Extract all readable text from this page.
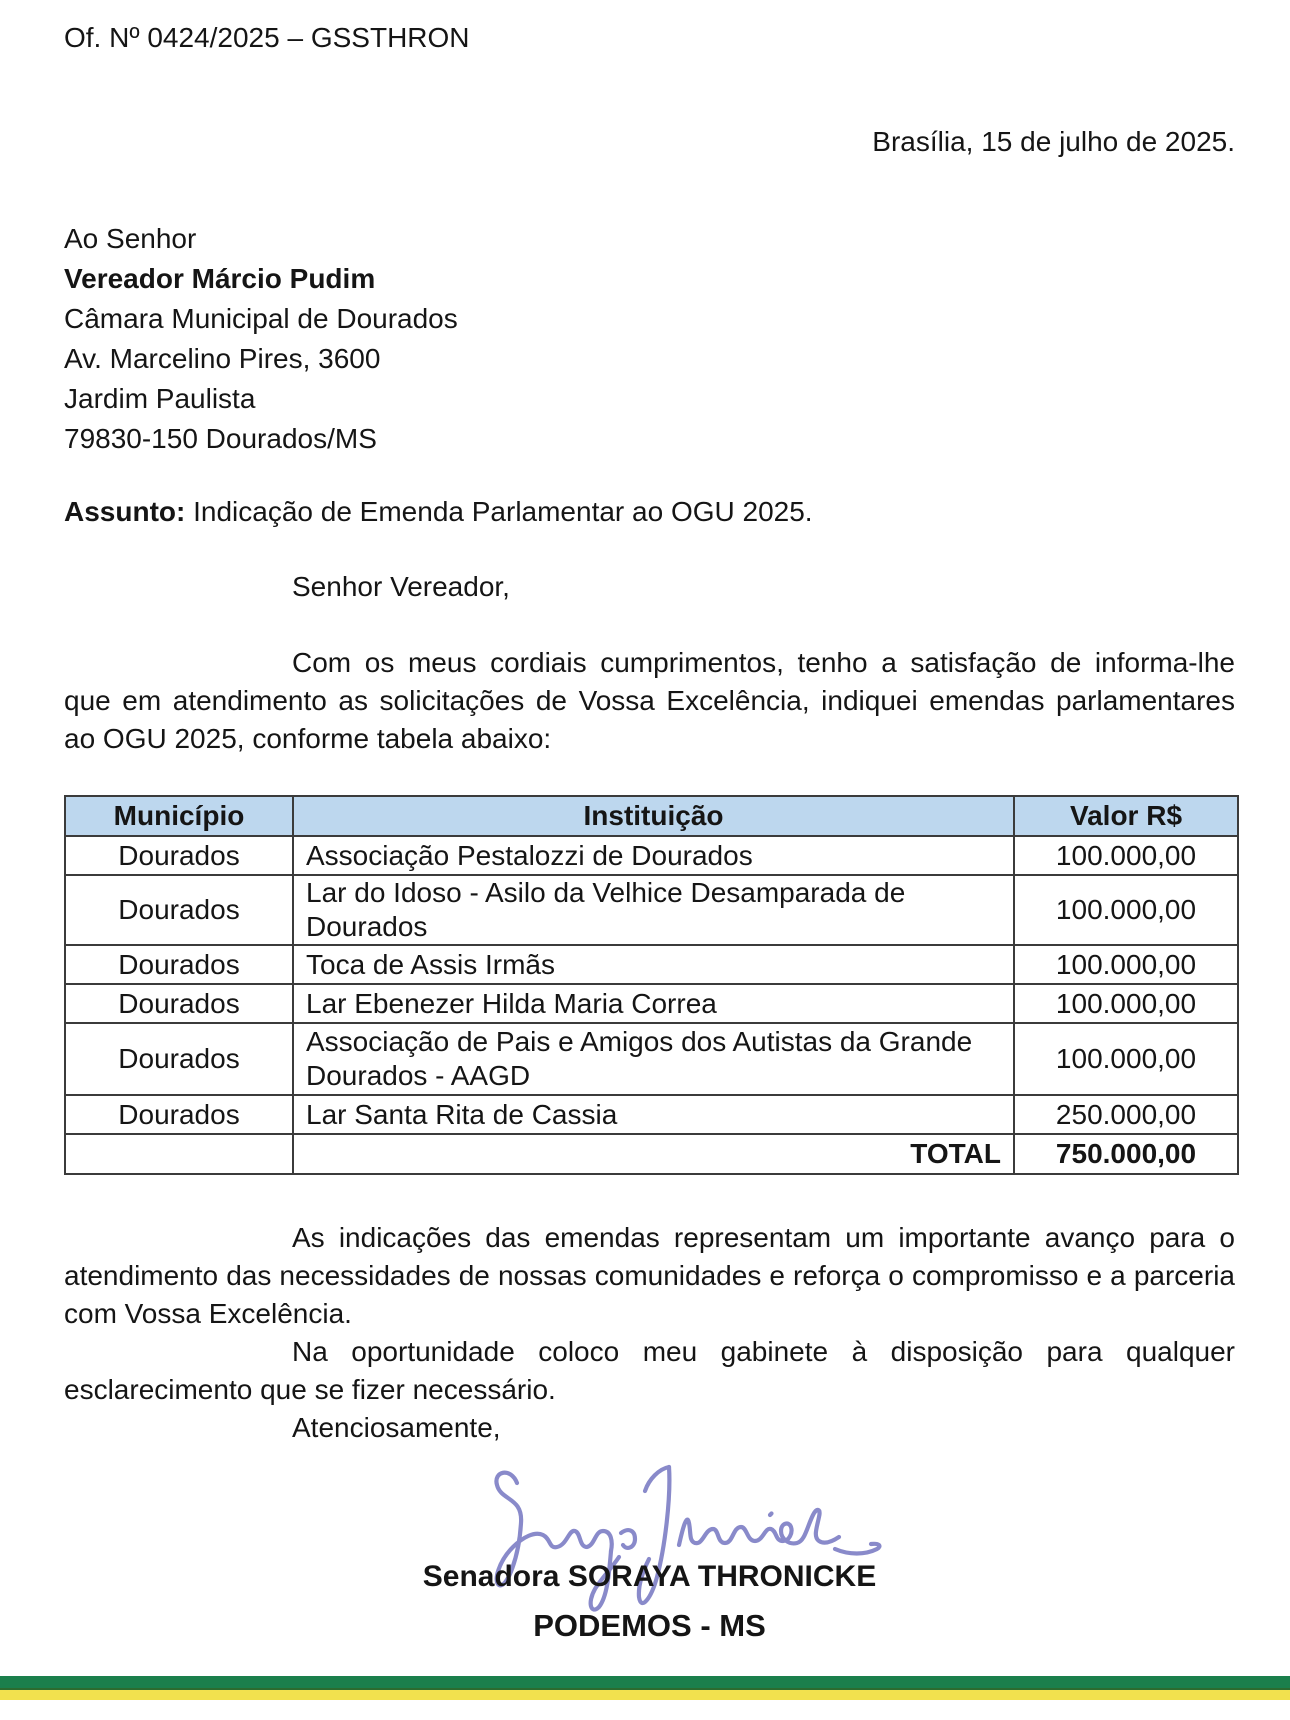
Of. Nº 0424/2025 – GSSTHRON
Brasília, 15 de julho de 2025.
Ao Senhor
Vereador Márcio Pudim
Câmara Municipal de Dourados
Av. Marcelino Pires, 3600
Jardim Paulista
79830-150 Dourados/MS
Assunto: Indicação de Emenda Parlamentar ao OGU 2025.
Senhor Vereador,

Com os meus cordiais cumprimentos, tenho a satisfação de informa-lhe que em atendimento as solicitações de Vossa Excelência, indiquei emendas parlamentares ao OGU 2025, conforme tabela abaixo:

Município	Instituição	Valor R$
Dourados	Associação Pestalozzi de Dourados	100.000,00
Dourados	Lar do Idoso - Asilo da Velhice Desamparada de Dourados	100.000,00
Dourados	Toca de Assis Irmãs	100.000,00
Dourados	Lar Ebenezer Hilda Maria Correa	100.000,00
Dourados	Associação de Pais e Amigos dos Autistas da Grande Dourados - AAGD	100.000,00
Dourados	Lar Santa Rita de Cassia	250.000,00
	TOTAL	750.000,00

As indicações das emendas representam um importante avanço para o atendimento das necessidades de nossas comunidades e reforça o compromisso e a parceria com Vossa Excelência.

Na oportunidade coloco meu gabinete à disposição para qualquer esclarecimento que se fizer necessário.

Atenciosamente,
Senadora SORAYA THRONICKE
PODEMOS - MS
